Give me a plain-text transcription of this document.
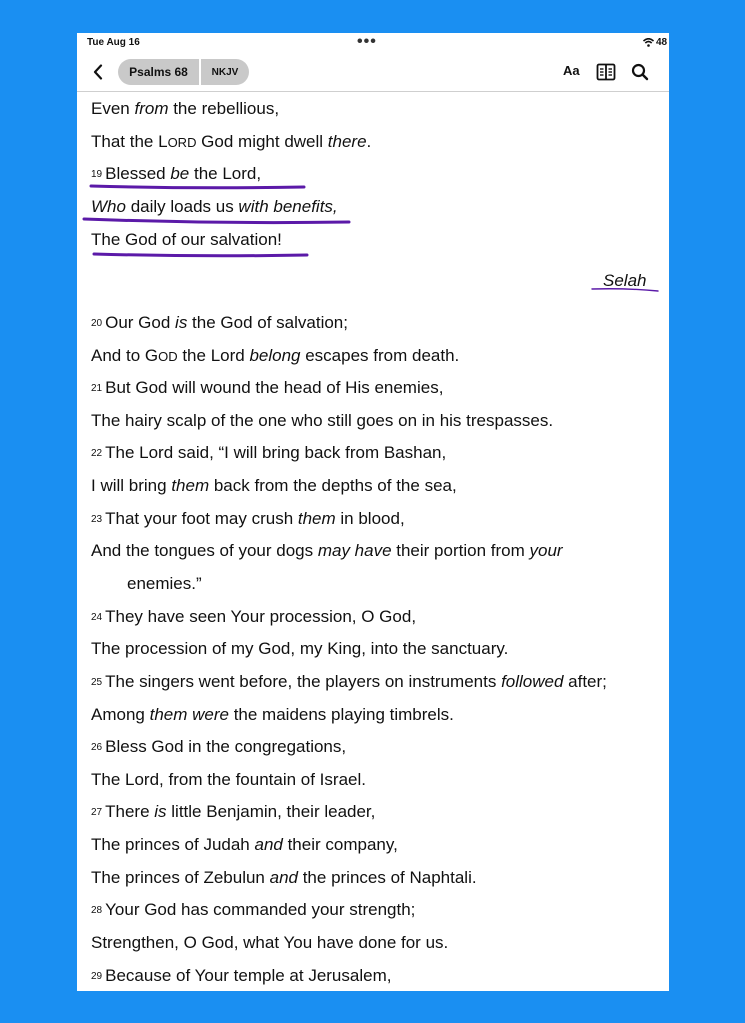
Tue Aug 16	•••	48
Psalms 68	NKJV	Aa
Even from the rebellious,
That the LORD God might dwell there.
$^{19}$ Blessed be the Lord,
Who daily loads us with benefits,
The God of our salvation!
Selah
$^{20}$ Our God is the God of salvation;
And to GOD the Lord belong escapes from death.
$^{21}$ But God will wound the head of His enemies,
The hairy scalp of the one who still goes on in his trespasses.
$^{22}$ The Lord said, “I will bring back from Bashan,
I will bring them back from the depths of the sea,
$^{23}$ That your foot may crush them in blood,
And the tongues of your dogs may have their portion from your
enemies.”
$^{24}$ They have seen Your procession, O God,
The procession of my God, my King, into the sanctuary.
$^{25}$ The singers went before, the players on instruments followed after;
Among them were the maidens playing timbrels.
$^{26}$ Bless God in the congregations,
The Lord, from the fountain of Israel.
$^{27}$ There is little Benjamin, their leader,
The princes of Judah and their company,
The princes of Zebulun and the princes of Naphtali.
$^{28}$ Your God has commanded your strength;
Strengthen, O God, what You have done for us.
$^{29}$ Because of Your temple at Jerusalem,
